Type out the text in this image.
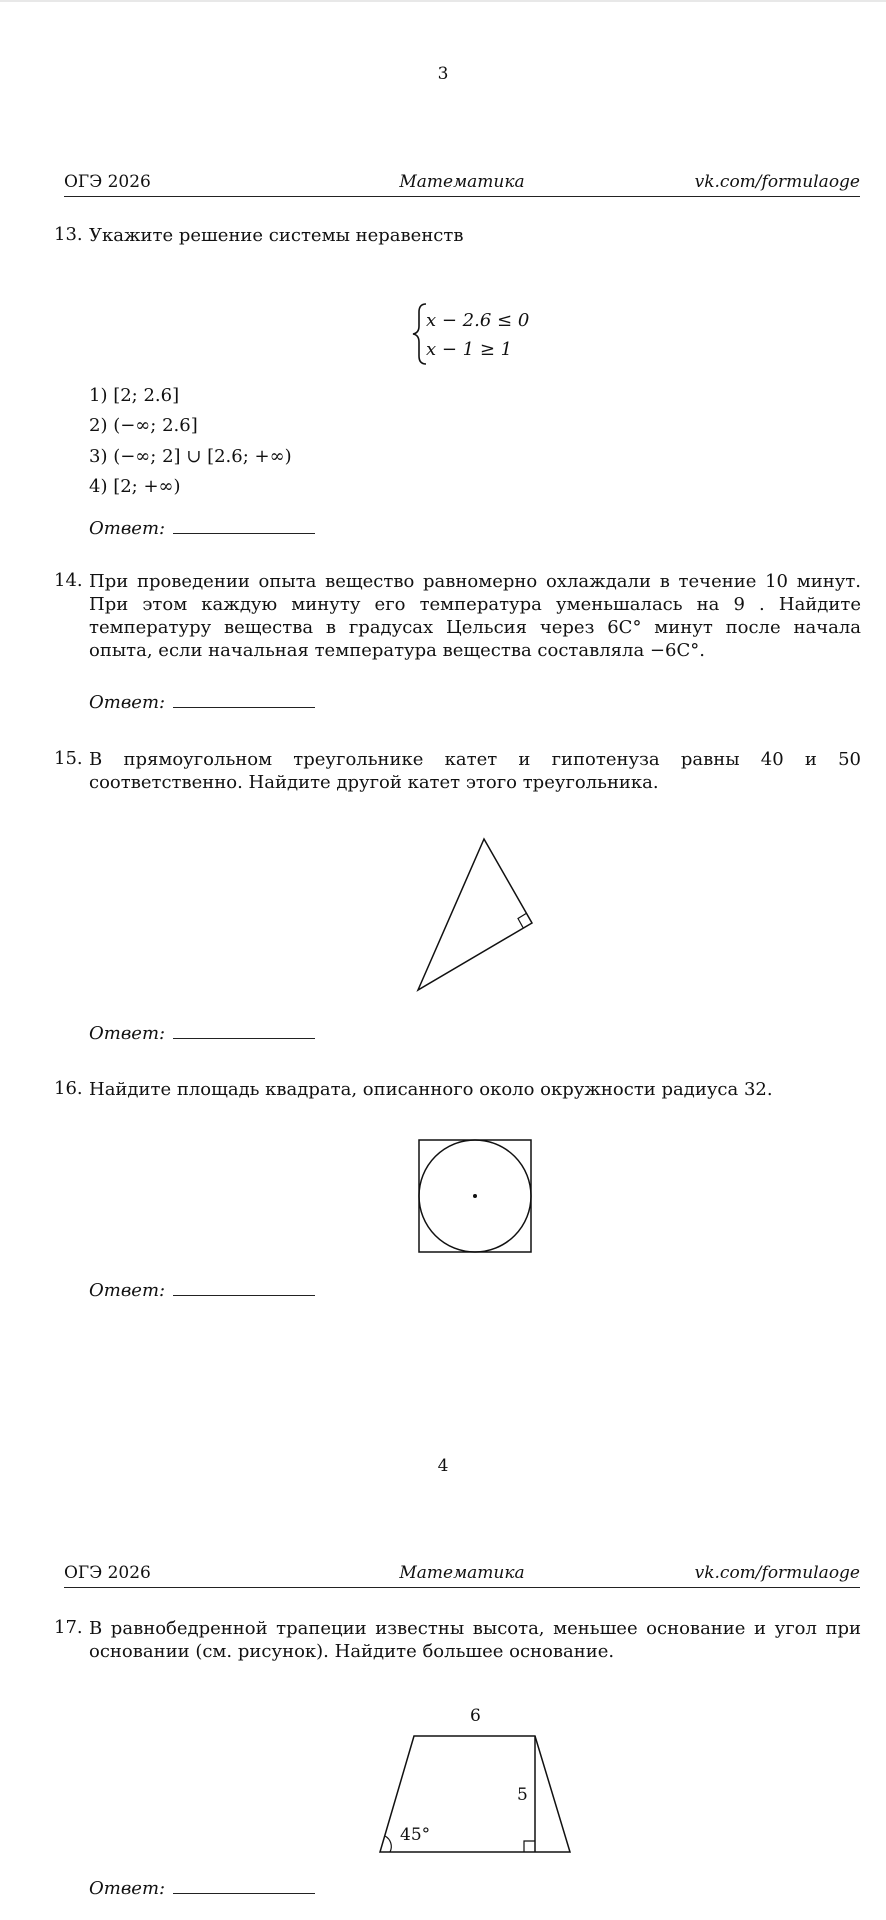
3
ОГЭ 2026	Математика	vk.com/formulaoge
13. Укажите решение системы неравенств
x − 2.6 ≤ 0
x − 1 ≥ 1
1) [2; 2.6]
2) (−∞; 2.6]
3) (−∞; 2] ∪ [2.6; +∞)
4) [2; +∞)
Ответ:
14. При проведении опыта вещество равномерно охлаждали в течение 10 минут. При этом каждую минуту его температура уменьшалась на 9 . Найдите температуру вещества в градусах Цельсия через 6C° минут после начала опыта, если начальная температура вещества составляла −6C°.
Ответ:
15. В прямоугольном треугольнике катет и гипотенуза равны 40 и 50 соответственно. Найдите другой катет этого треугольника.
Ответ:
16. Найдите площадь квадрата, описанного около окружности радиуса 32.
Ответ:
4
ОГЭ 2026	Математика	vk.com/formulaoge
17. В равнобедренной трапеции известны высота, меньшее основание и угол при основании (см. рисунок). Найдите большее основание.
6
5
45°
Ответ:
